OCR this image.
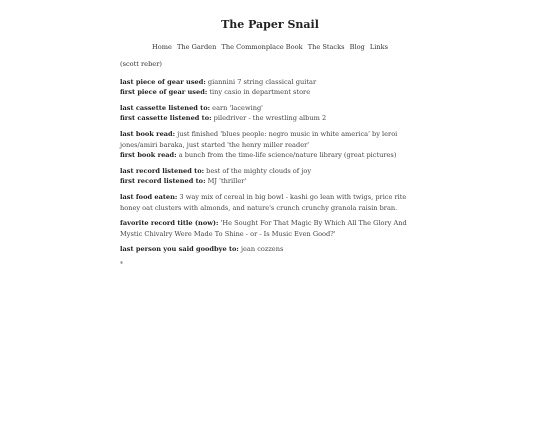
The Paper Snail
Home The Garden The Commonplace Book The Stacks Blog Links

(scott reber)

last piece of gear used: giannini 7 string classical guitar
first piece of gear used: tiny casio in department store

last cassette listened to: earn 'lacewing'
first cassette listened to: piledriver - the wrestling album 2

last book read: just finished 'blues people: negro music in white america' by leroi jones/amiri baraka, just started 'the henry miller reader'
first book read: a bunch from the time-life science/nature library (great pictures)

last record listened to: best of the mighty clouds of joy
first record listened to: MJ 'thriller'

last food eaten: 3 way mix of cereal in big bowl - kashi go lean with twigs, price rite honey oat clusters with almonds, and nature's crunch crunchy granola raisin bran.

favorite record title (now): 'He Sought For That Magic By Which All The Glory And Mystic Chivalry Were Made To Shine - or - Is Music Even Good?'

last person you said goodbye to: jean cozzens

*
